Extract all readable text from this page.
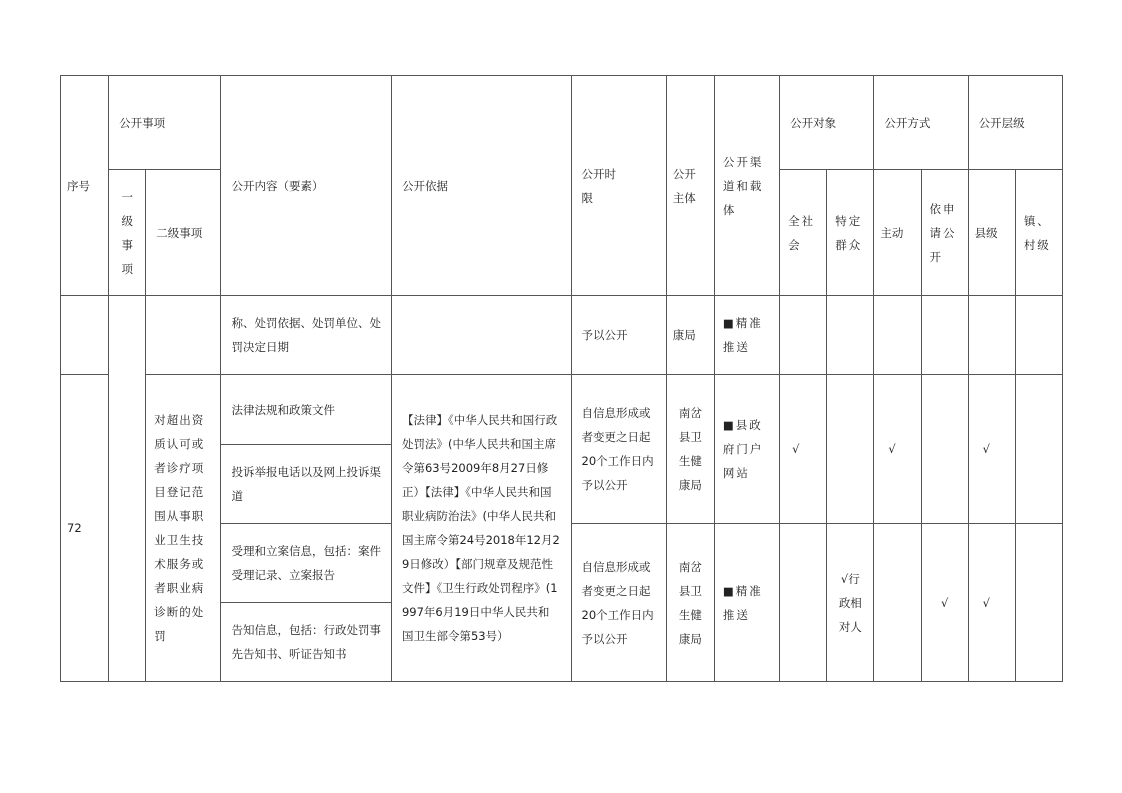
序号	公开事项		公开内容（要素）	公开依据	公开时限	公开主体	公开渠道和载体	公开对象		公开方式		公开层级	
	一级事项	二级事项						全社会	特定群众	主动	依申请公开	县级	镇、村级
			称、处罚依据、处罚单位、处罚决定日期		予以公开	康局	■精准推送						
72		对超出资质认可或者诊疗项目登记范围从事职业卫生技术服务或者职业病诊断的处罚	法律法规和政策文件	【法律】《中华人民共和国行政处罚法》(中华人民共和国主席令第63号2009年8月27日修正）【法律】《中华人民共和国职业病防治法》(中华人民共和国主席令第24号2018年12月29日修改）【部门规章及规范性文件】《卫生行政处罚程序》(1997年6月19日中华人民共和国卫生部令第53号）	自信息形成或者变更之日起20个工作日内予以公开	南岔县卫生健康局	■县政府门户网站	√		√		√	
			投诉举报电话以及网上投诉渠道										
			受理和立案信息，包括：案件受理记录、立案报告		自信息形成或者变更之日起20个工作日内予以公开	南岔县卫生健康局	■精准推送		√行政相对人		√	√	
			告知信息，包括：行政处罚事先告知书、听证告知书										
